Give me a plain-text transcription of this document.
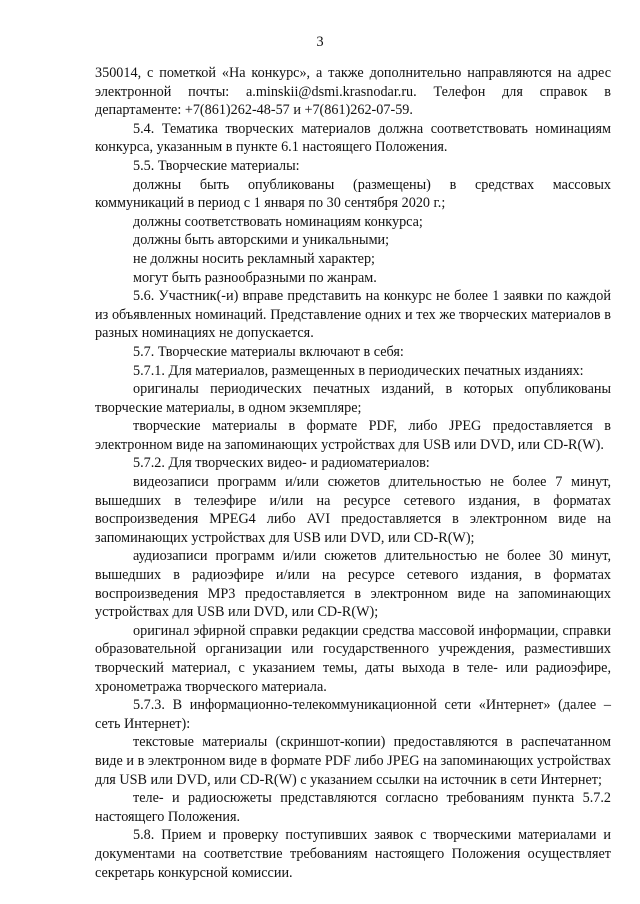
3

350014, с пометкой «На конкурс», а также дополнительно направляются на адрес электронной почты: a.minskii@dsmi.krasnodar.ru. Телефон для справок в департаменте: +7(861)262-48-57 и +7(861)262-07-59.

5.4. Тематика творческих материалов должна соответствовать номинациям конкурса, указанным в пункте 6.1 настоящего Положения.

5.5. Творческие материалы:

должны быть опубликованы (размещены) в средствах массовых коммуникаций в период с 1 января по 30 сентября 2020 г.;

должны соответствовать номинациям конкурса;

должны быть авторскими и уникальными;

не должны носить рекламный характер;

могут быть разнообразными по жанрам.

5.6. Участник(-и) вправе представить на конкурс не более 1 заявки по каждой из объявленных номинаций. Представление одних и тех же творческих материалов в разных номинациях не допускается.

5.7. Творческие материалы включают в себя:

5.7.1. Для материалов, размещенных в периодических печатных изданиях:

оригиналы периодических печатных изданий, в которых опубликованы творческие материалы, в одном экземпляре;

творческие материалы в формате PDF, либо JPEG предоставляется в электронном виде на запоминающих устройствах для USB или DVD, или CD-R(W).

5.7.2. Для творческих видео- и радиоматериалов:

видеозаписи программ и/или сюжетов длительностью не более 7 минут, вышедших в телеэфире и/или на ресурсе сетевого издания, в форматах воспроизведения MPEG4 либо AVI предоставляется в электронном виде на запоминающих устройствах для USB или DVD, или CD-R(W);

аудиозаписи программ и/или сюжетов длительностью не более 30 минут, вышедших в радиоэфире и/или на ресурсе сетевого издания, в форматах воспроизведения MP3 предоставляется в электронном виде на запоминающих устройствах для USB или DVD, или CD-R(W);

оригинал эфирной справки редакции средства массовой информации, справки образовательной организации или государственного учреждения, разместивших творческий материал, с указанием темы, даты выхода в теле- или радиоэфире, хронометража творческого материала.

5.7.3. В информационно-телекоммуникационной сети «Интернет» (далее – сеть Интернет):

текстовые материалы (скриншот-копии) предоставляются в распечатанном виде и в электронном виде в формате PDF либо JPEG на запоминающих устройствах для USB или DVD, или CD-R(W) с указанием ссылки на источник в сети Интернет;

теле- и радиосюжеты представляются согласно требованиям пункта 5.7.2 настоящего Положения.

5.8. Прием и проверку поступивших заявок с творческими материалами и документами на соответствие требованиям настоящего Положения осуществляет секретарь конкурсной комиссии.
